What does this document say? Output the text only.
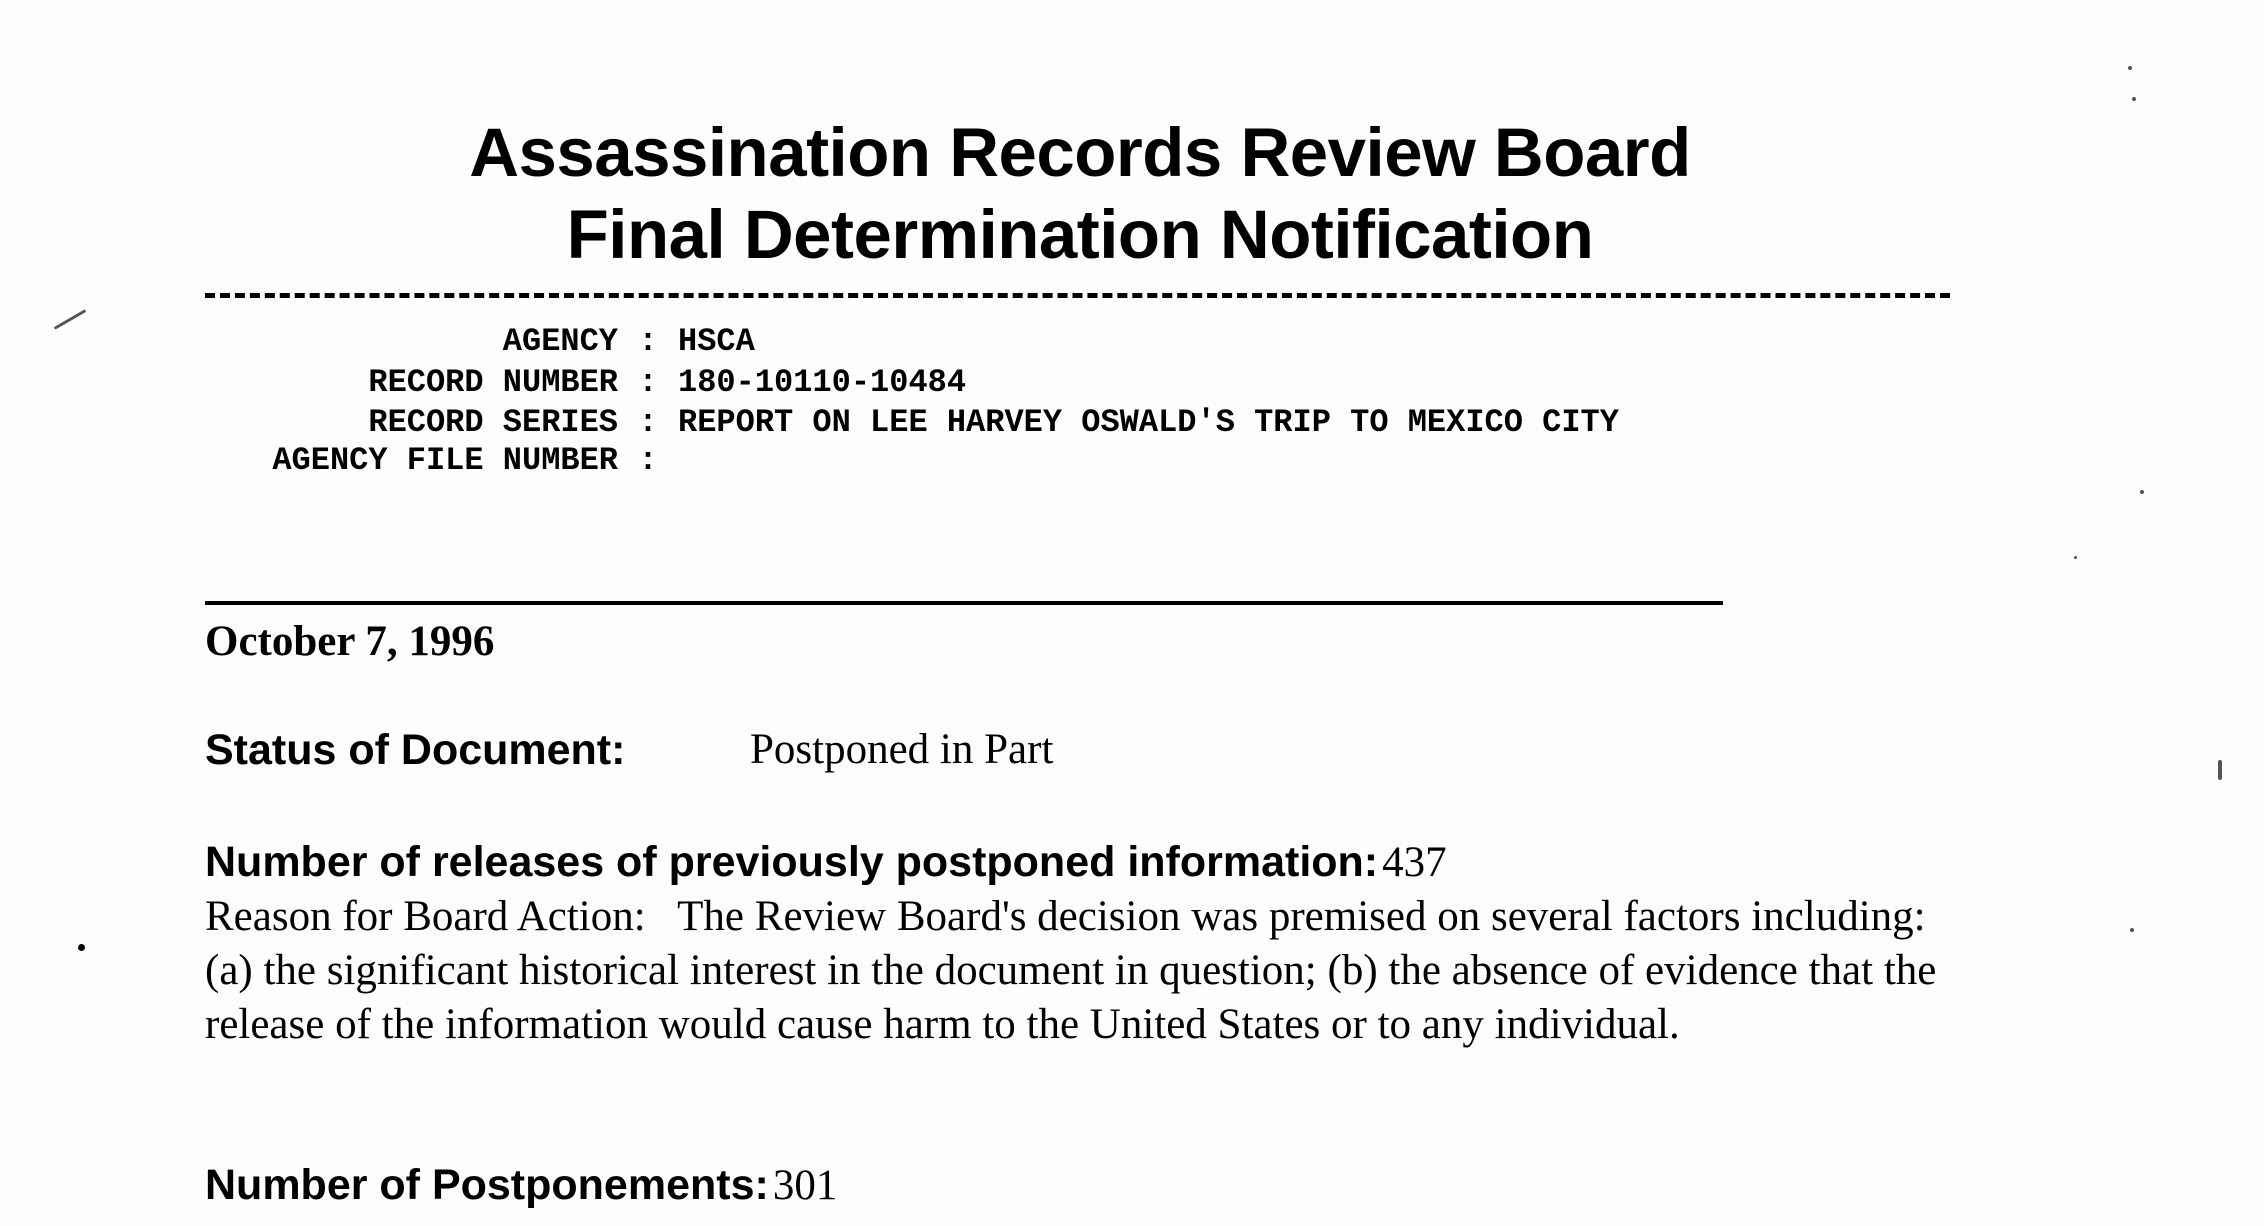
Assassination Records Review Board
Final Determination Notification
AGENCY : HSCA
RECORD NUMBER : 180-10110-10484
RECORD SERIES : REPORT ON LEE HARVEY OSWALD'S TRIP TO MEXICO CITY
AGENCY FILE NUMBER :
October 7, 1996
Status of Document:	Postponed in Part
Number of releases of previously postponed information: 437
Reason for Board Action: The Review Board's decision was premised on several factors including: (a) the significant historical interest in the document in question; (b) the absence of evidence that the release of the information would cause harm to the United States or to any individual.
Number of Postponements: 301
